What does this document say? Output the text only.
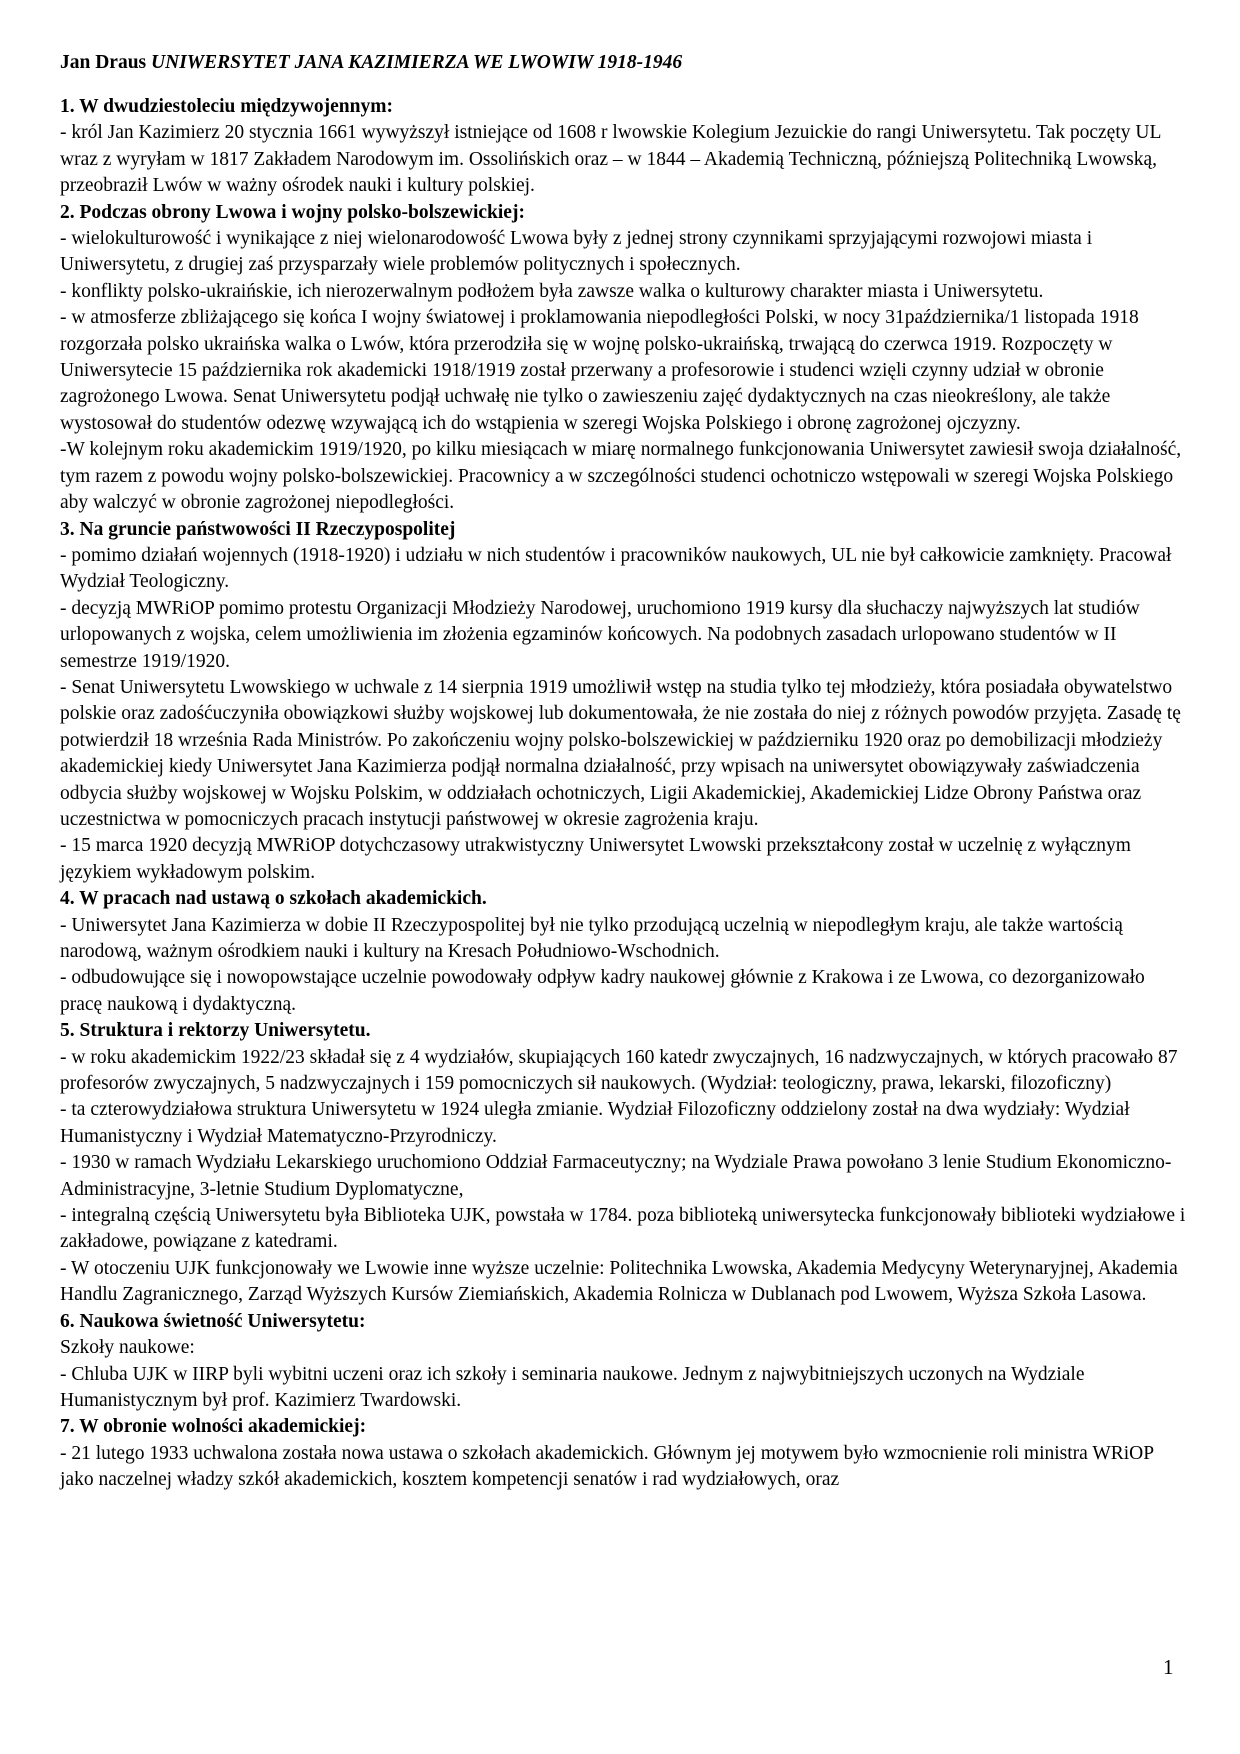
Jan Draus UNIWERSYTET JANA KAZIMIERZA WE LWOWIW 1918-1946

1. W dwudziestoleciu międzywojennym:

- król Jan Kazimierz 20 stycznia 1661 wywyższył istniejące od 1608 r lwowskie Kolegium Jezuickie do rangi Uniwersytetu. Tak poczęty UL wraz z wyryłam w 1817 Zakładem Narodowym im. Ossolińskich oraz – w 1844 – Akademią Techniczną, późniejszą Politechniką Lwowską, przeobraził Lwów w ważny ośrodek nauki i kultury polskiej.

2. Podczas obrony Lwowa i wojny polsko-bolszewickiej:

- wielokulturowość i wynikające z niej wielonarodowość Lwowa były z jednej strony czynnikami sprzyjającymi rozwojowi miasta i Uniwersytetu, z drugiej zaś przysparzały wiele problemów politycznych i społecznych.

- konflikty polsko-ukraińskie, ich nierozerwalnym podłożem była zawsze walka o kulturowy charakter miasta i Uniwersytetu.

- w atmosferze zbliżającego się końca I wojny światowej i proklamowania niepodległości Polski, w nocy 31października/1 listopada 1918 rozgorzała polsko ukraińska walka o Lwów, która przerodziła się w wojnę polsko-ukraińską, trwającą do czerwca 1919. Rozpoczęty w Uniwersytecie 15 października rok akademicki 1918/1919 został przerwany a profesorowie i studenci wzięli czynny udział w obronie zagrożonego Lwowa. Senat Uniwersytetu podjął uchwałę nie tylko o zawieszeniu zajęć dydaktycznych na czas nieokreślony, ale także wystosował do studentów odezwę wzywającą ich do wstąpienia w szeregi Wojska Polskiego i obronę zagrożonej ojczyzny.

-W kolejnym roku akademickim 1919/1920, po kilku miesiącach w miarę normalnego funkcjonowania Uniwersytet zawiesił swoja działalność, tym razem z powodu wojny polsko-bolszewickiej. Pracownicy a w szczególności studenci ochotniczo wstępowali w szeregi Wojska Polskiego aby walczyć w obronie zagrożonej niepodległości.

3. Na gruncie państwowości II Rzeczypospolitej

- pomimo działań wojennych (1918-1920) i udziału w nich studentów i pracowników naukowych, UL nie był całkowicie zamknięty. Pracował Wydział Teologiczny.

- decyzją MWRiOP pomimo protestu Organizacji Młodzieży Narodowej, uruchomiono 1919 kursy dla słuchaczy najwyższych lat studiów urlopowanych z wojska, celem umożliwienia im złożenia egzaminów końcowych. Na podobnych zasadach urlopowano studentów w II semestrze 1919/1920.

- Senat Uniwersytetu Lwowskiego w uchwale z 14 sierpnia 1919 umożliwił wstęp na studia tylko tej młodzieży, która posiadała obywatelstwo polskie oraz zadośćuczyniła obowiązkowi służby wojskowej lub dokumentowała, że nie została do niej z różnych powodów przyjęta. Zasadę tę potwierdził 18 września Rada Ministrów. Po zakończeniu wojny polsko-bolszewickiej w październiku 1920 oraz po demobilizacji młodzieży akademickiej kiedy Uniwersytet Jana Kazimierza podjął normalna działalność, przy wpisach na uniwersytet obowiązywały zaświadczenia odbycia służby wojskowej w Wojsku Polskim, w oddziałach ochotniczych, Ligii Akademickiej, Akademickiej Lidze Obrony Państwa oraz uczestnictwa w pomocniczych pracach instytucji państwowej w okresie zagrożenia kraju.

- 15 marca 1920 decyzją MWRiOP dotychczasowy utrakwistyczny Uniwersytet Lwowski przekształcony został w uczelnię z wyłącznym językiem wykładowym polskim.

4. W pracach nad ustawą o szkołach akademickich.

- Uniwersytet Jana Kazimierza w dobie II Rzeczypospolitej był nie tylko przodującą uczelnią w niepodległym kraju, ale także wartością narodową, ważnym ośrodkiem nauki i kultury na Kresach Południowo-Wschodnich.

- odbudowujące się i nowopowstające uczelnie powodowały odpływ kadry naukowej głównie z Krakowa i ze Lwowa, co dezorganizowało pracę naukową i dydaktyczną.

5. Struktura i rektorzy Uniwersytetu.

- w roku akademickim 1922/23 składał się z 4 wydziałów, skupiających 160 katedr zwyczajnych, 16 nadzwyczajnych, w których pracowało 87 profesorów zwyczajnych, 5 nadzwyczajnych i 159 pomocniczych sił naukowych. (Wydział: teologiczny, prawa, lekarski, filozoficzny)

- ta czterowydziałowa struktura Uniwersytetu w 1924 uległa zmianie. Wydział Filozoficzny oddzielony został na dwa wydziały: Wydział Humanistyczny i Wydział Matematyczno-Przyrodniczy.

- 1930 w ramach Wydziału Lekarskiego uruchomiono Oddział Farmaceutyczny; na Wydziale Prawa powołano 3 lenie Studium Ekonomiczno-Administracyjne, 3-letnie Studium Dyplomatyczne,

- integralną częścią Uniwersytetu była Biblioteka UJK, powstała w 1784. poza biblioteką uniwersytecka funkcjonowały biblioteki wydziałowe i zakładowe, powiązane z katedrami.

- W otoczeniu UJK funkcjonowały we Lwowie inne wyższe uczelnie: Politechnika Lwowska, Akademia Medycyny Weterynaryjnej, Akademia Handlu Zagranicznego, Zarząd Wyższych Kursów Ziemiańskich, Akademia Rolnicza w Dublanach pod Lwowem, Wyższa Szkoła Lasowa.

6. Naukowa świetność Uniwersytetu:

Szkoły naukowe:

- Chluba UJK w IIRP byli wybitni uczeni oraz ich szkoły i seminaria naukowe. Jednym z najwybitniejszych uczonych na Wydziale Humanistycznym był prof. Kazimierz Twardowski.

7. W obronie wolności akademickiej:

- 21 lutego 1933 uchwalona została nowa ustawa o szkołach akademickich. Głównym jej motywem było wzmocnienie roli ministra WRiOP jako naczelnej władzy szkół akademickich, kosztem kompetencji senatów i rad wydziałowych, oraz

1
